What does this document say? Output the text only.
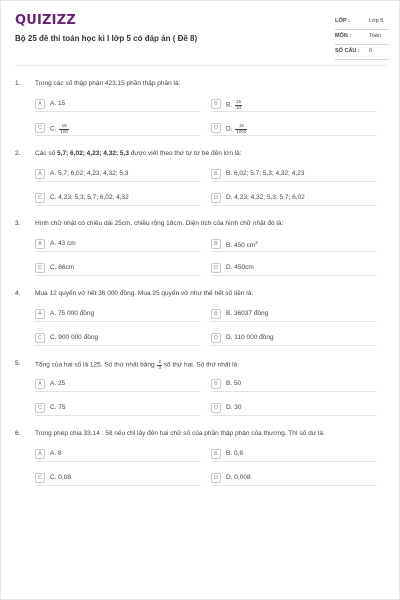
QUIZIZZ
Bộ 25 đề thi toán học kì I lớp 5 có đáp án ( Đề 8)
LỚP :	Lớp 5
MÔN :	Toán
SỐ CÂU : 6
1. Trong các số thập phân 423,15 phần thập phân là:
A	A. 15	B	B. $\frac{15}{10}$
C	C. $\frac{15}{100}$	D	D. $\frac{15}{1000}$
2. Các số 5,7; 6,02; 4,23; 4,32; 5,3 được viết theo thứ tự từ bé đến lớn là:
A	A. 5,7; 6,02; 4,23; 4,32; 5,3	B	B. 6,02; 5,7; 5,3; 4,32; 4,23
C	C. 4,23; 5,3; 5,7; 6,02; 4,32	D	D. 4,23; 4,32; 5,3; 5,7; 6,02
3. Hình chữ nhật có chiều dài 25cm, chiều rộng 18cm. Diện tích của hình chữ nhật đó là:
A	A. 43 cm	B	B. 450 $cm^2$
C	C. 86cm	D	D. 450cm
4. Mua 12 quyển vở hết 36 000 đồng. Mua 25 quyển vở như thế hết số tiền là:
A	A. 75 000 đồng	B	B. 36037 đồng
C	C. 900 000 đồng	D	D. 110 000 đồng
5. Tổng của hai số là 125. Số thứ nhất bằng $\frac{2}{3}$ số thứ hai. Số thứ nhất là:
A	A. 25	B	B. 50
C	C. 75	D	D. 30
6. Trong phép chia 33,14 : 58 nếu chỉ lấy đến hai chữ số của phần thập phân của thương. Thì số dư là:
A	A. 8	B	B. 0,8
C	C. 0,08	D	D. 0,008
